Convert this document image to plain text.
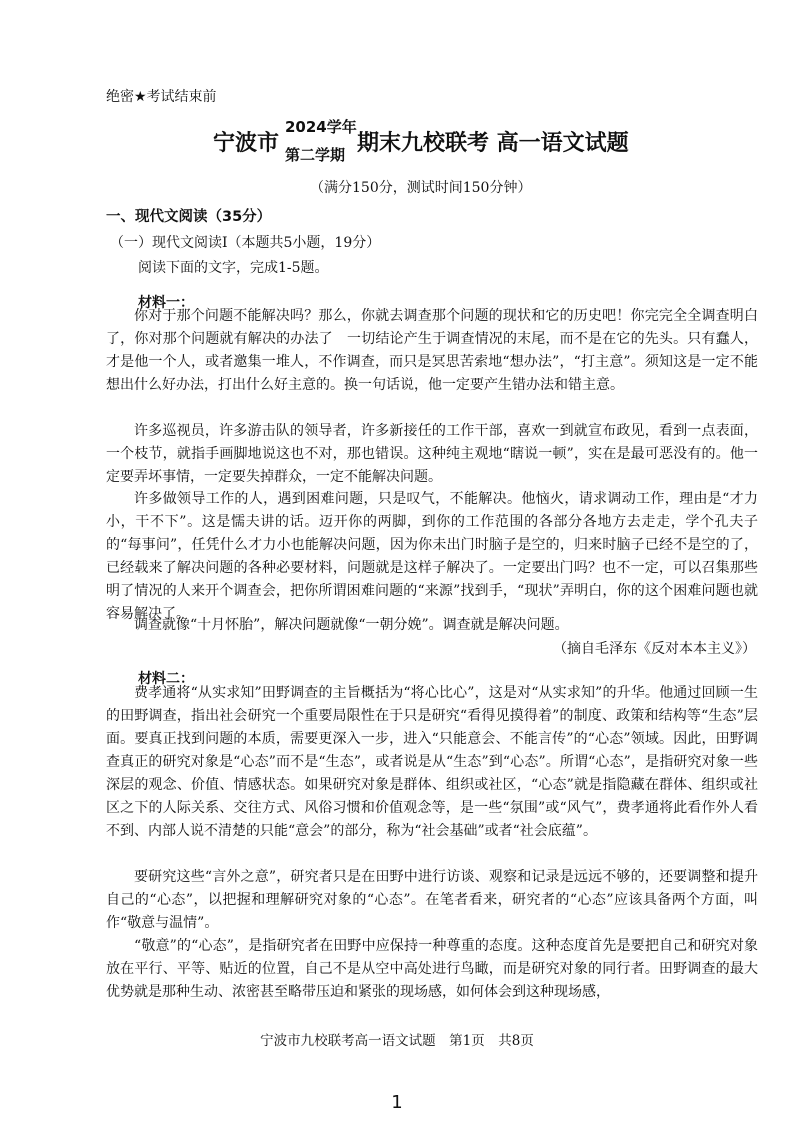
绝密★考试结束前
宁波市
2024学年
第二学期 期末九校联考 高一语文试题
（满分150分，测试时间150分钟）
一、现代文阅读（35分）
（一）现代文阅读Ⅰ（本题共5小题，19分）
阅读下面的文字，完成1-5题。
材料一：

你对于那个问题不能解决吗？那么，你就去调查那个问题的现状和它的历史吧！你完完全全调查明白了，你对那个问题就有解决的办法了　一切结论产生于调查情况的末尾，而不是在它的先头。只有蠢人，才是他一个人，或者邀集一堆人，不作调查，而只是冥思苦索地“想办法”，“打主意”。须知这是一定不能想出什么好办法，打出什么好主意的。换一句话说，他一定要产生错办法和错主意。

许多巡视员，许多游击队的领导者，许多新接任的工作干部，喜欢一到就宣布政见，看到一点表面，一个枝节，就指手画脚地说这也不对，那也错误。这种纯主观地“瞎说一顿”，实在是最可恶没有的。他一定要弄坏事情，一定要失掉群众，一定不能解决问题。

许多做领导工作的人，遇到困难问题，只是叹气，不能解决。他恼火，请求调动工作，理由是“才力小，干不下”。这是懦夫讲的话。迈开你的两脚，到你的工作范围的各部分各地方去走走，学个孔夫子的“每事问”，任凭什么才力小也能解决问题，因为你未出门时脑子是空的，归来时脑子已经不是空的了，已经载来了解决问题的各种必要材料，问题就是这样子解决了。一定要出门吗？也不一定，可以召集那些明了情况的人来开个调查会，把你所谓困难问题的“来源”找到手，“现状”弄明白，你的这个困难问题也就容易解决了。

调查就像“十月怀胎”，解决问题就像“一朝分娩”。调查就是解决问题。

（摘自毛泽东《反对本本主义》）
材料二：

费孝通将“从实求知”田野调查的主旨概括为“将心比心”，这是对“从实求知”的升华。他通过回顾一生的田野调查，指出社会研究一个重要局限性在于只是研究“看得见摸得着”的制度、政策和结构等“生态”层面。要真正找到问题的本质，需要更深入一步，进入“只能意会、不能言传”的“心态”领域。因此，田野调查真正的研究对象是“心态”而不是“生态”，或者说是从“生态”到“心态”。所谓“心态”，是指研究对象一些深层的观念、价值、情感状态。如果研究对象是群体、组织或社区，“心态”就是指隐藏在群体、组织或社区之下的人际关系、交往方式、风俗习惯和价值观念等，是一些“氛围”或“风气”，费孝通将此看作外人看不到、内部人说不清楚的只能“意会”的部分，称为“社会基础”或者“社会底蕴”。

要研究这些“言外之意”，研究者只是在田野中进行访谈、观察和记录是远远不够的，还要调整和提升自己的“心态”，以把握和理解研究对象的“心态”。在笔者看来，研究者的“心态”应该具备两个方面，叫作“敬意与温情”。

“敬意”的“心态”，是指研究者在田野中应保持一种尊重的态度。这种态度首先是要把自己和研究对象放在平行、平等、贴近的位置，自己不是从空中高处进行鸟瞰，而是研究对象的同行者。田野调查的最大优势就是那种生动、浓密甚至略带压迫和紧张的现场感，如何体会到这种现场感，

宁波市九校联考高一语文试题　第1页　共8页
1
